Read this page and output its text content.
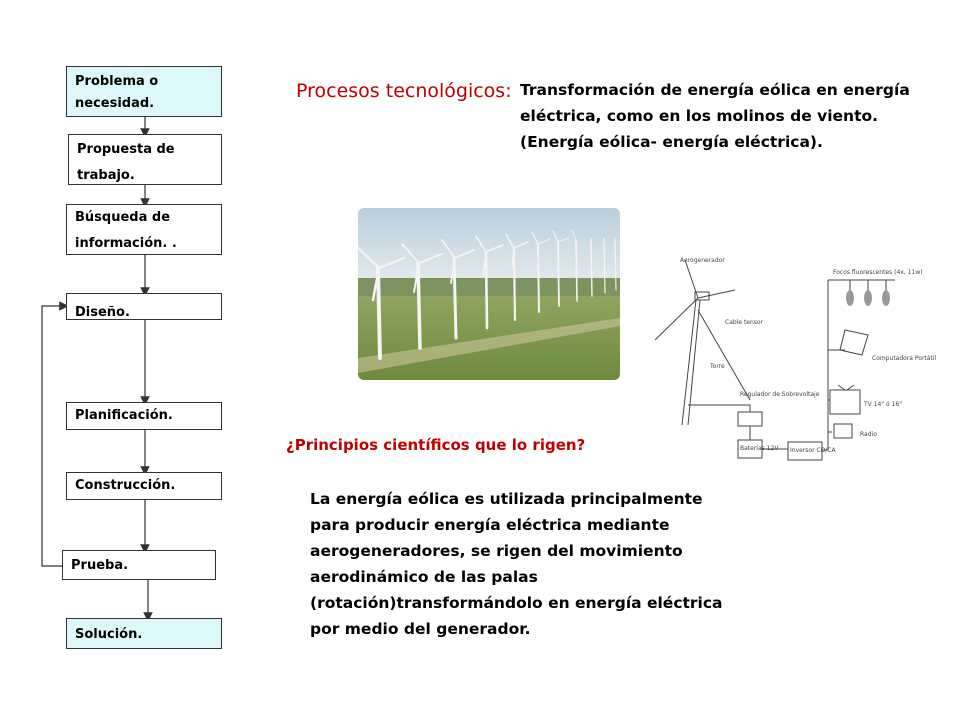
Problema o
necesidad.
Propuesta de
trabajo.
Búsqueda de
información. .
Diseño.
Planificación.
Construcción.
Prueba.
Solución.
Procesos tecnológicos: Transformación de energía eólica en energía
eléctrica, como en los molinos de viento.
(Energía eólica- energía eléctrica).
Aerogenerador
Cable tensor
Torre
Focos fluorescentes (4x, 11w)
Computadora Portátil
TV 14" ó 16"
Radio
Regulador de Sobrevoltaje
Baterías 12V Inversor CD/CA
¿Principios científicos que lo rigen?
La energía eólica es utilizada principalmente
para producir energía eléctrica mediante
aerogeneradores, se rigen del movimiento
aerodinámico de las palas
(rotación)transformándolo en energía eléctrica
por medio del generador.
